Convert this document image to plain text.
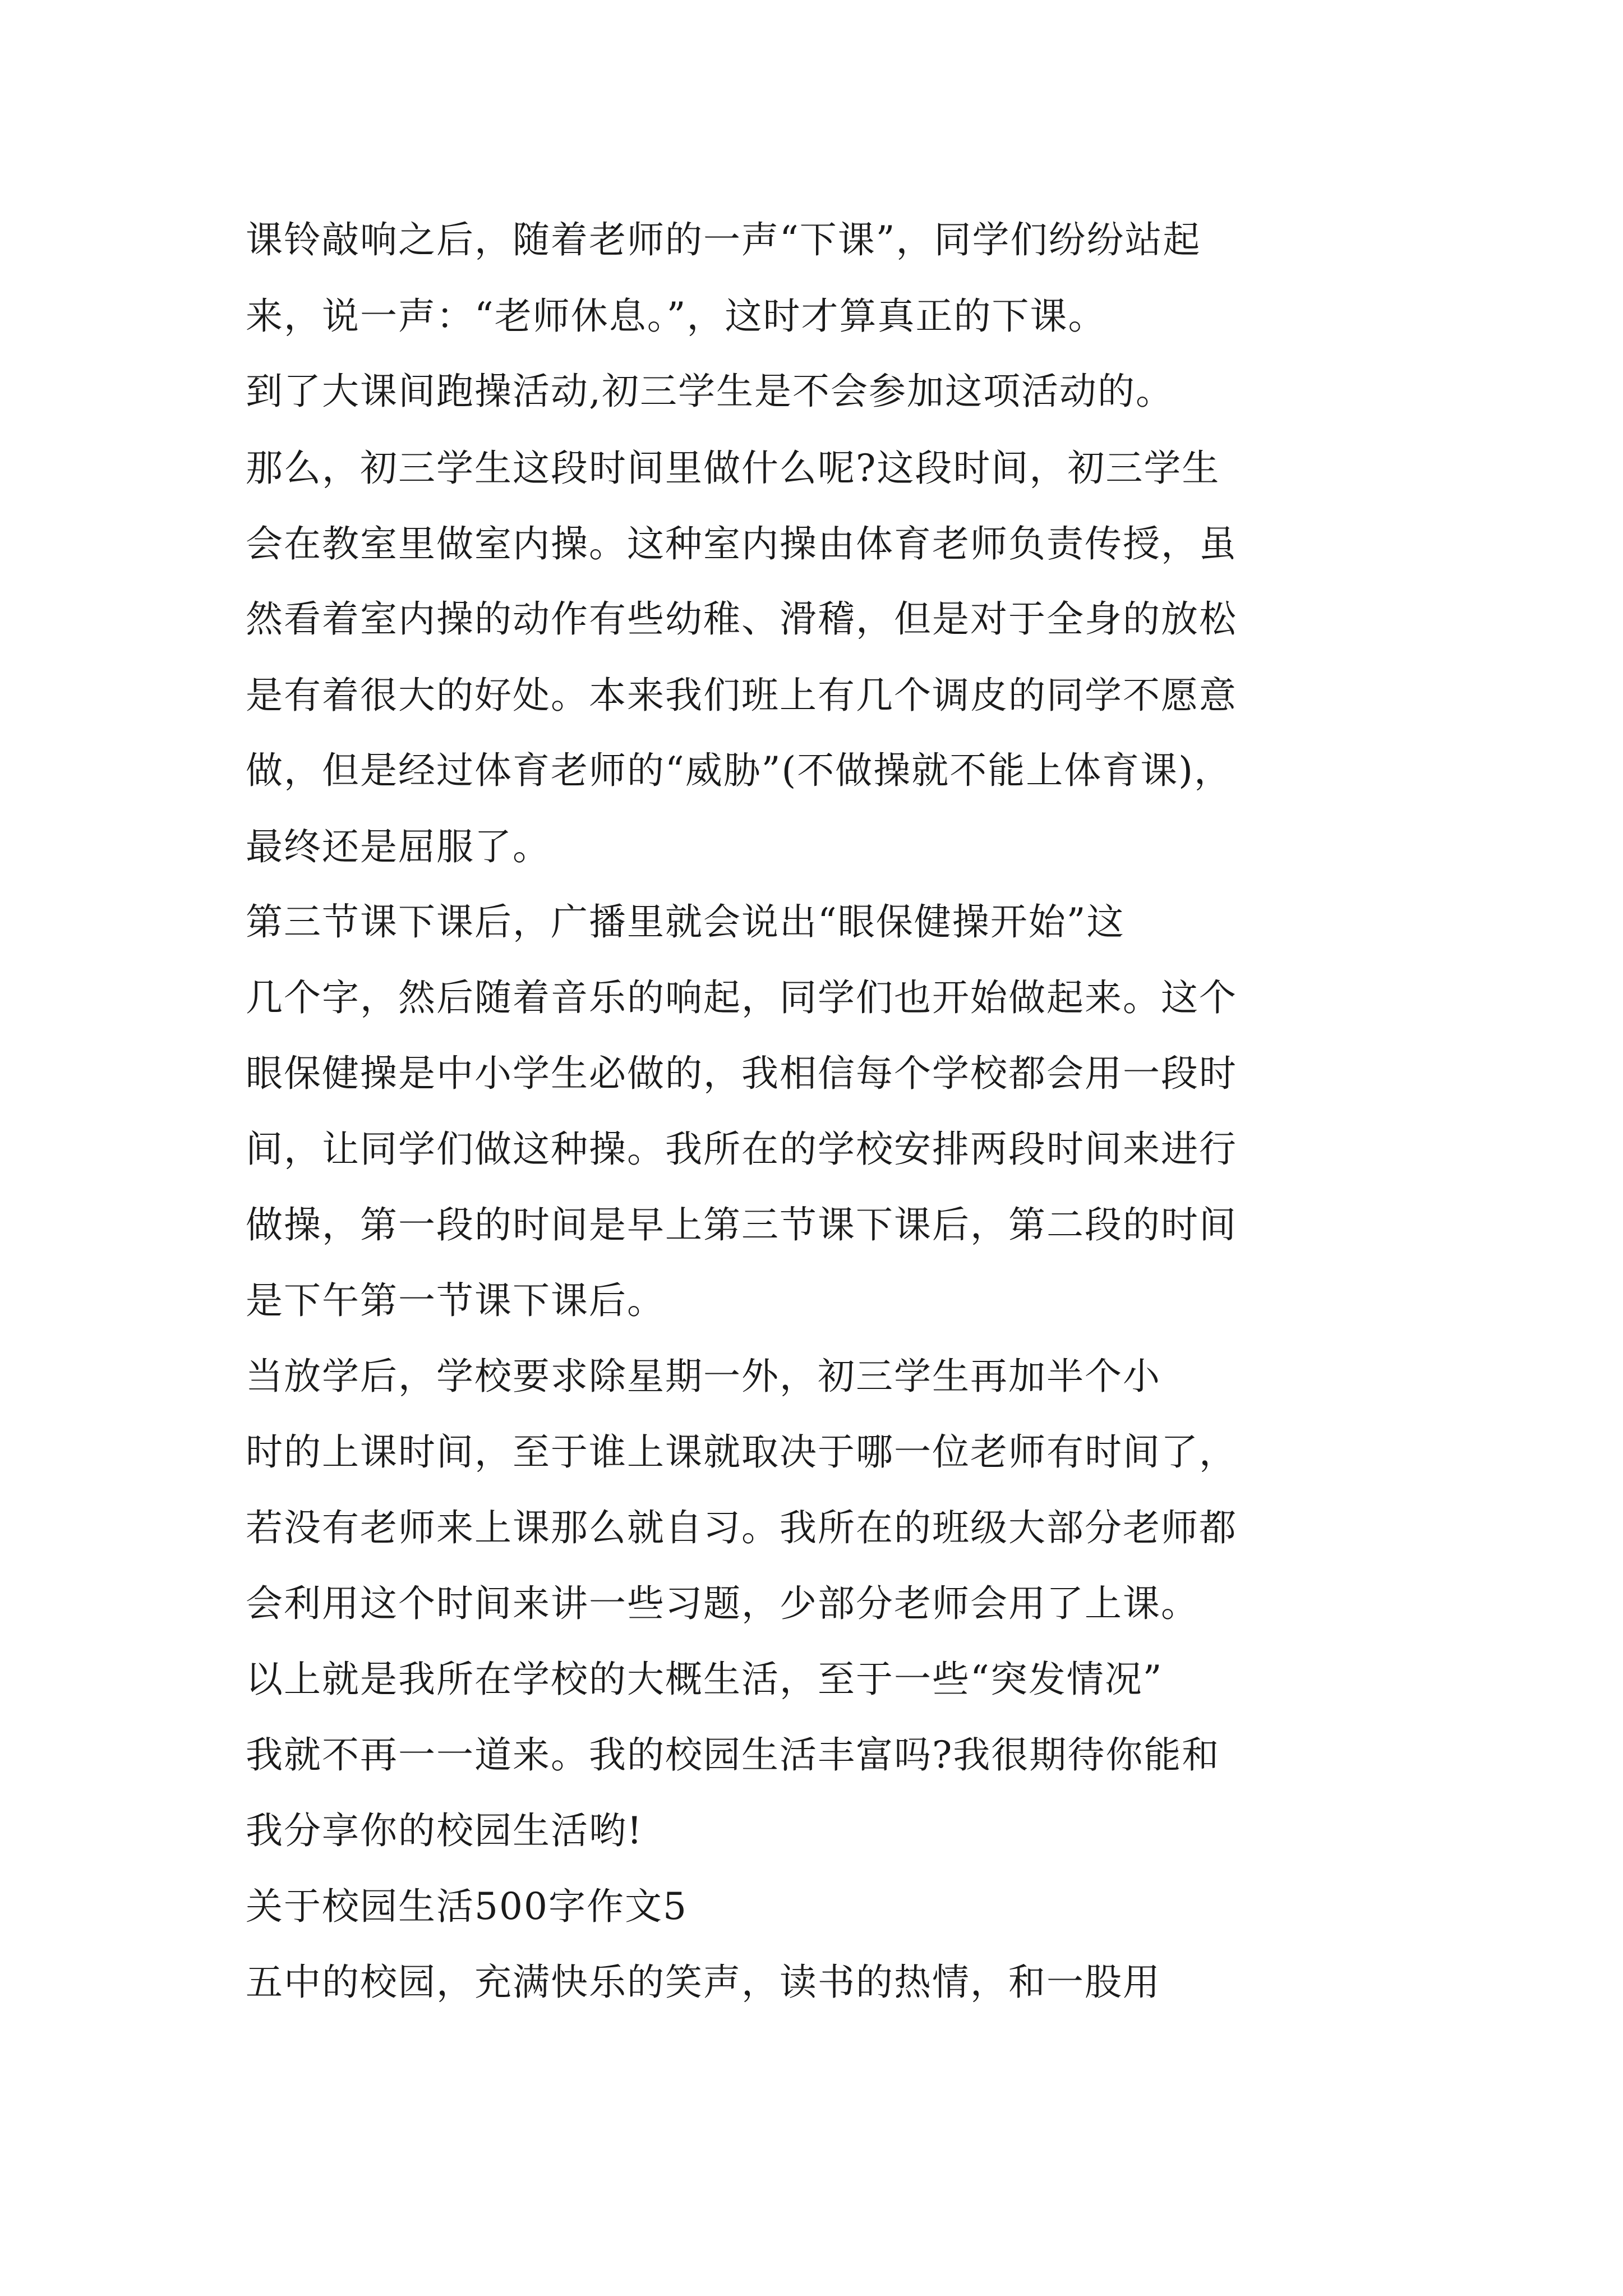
课铃敲响之后，随着老师的一声“下课”，同学们纷纷站起
来，说一声：“老师休息。”，这时才算真正的下课。
到了大课间跑操活动,初三学生是不会参加这项活动的。
那么，初三学生这段时间里做什么呢?这段时间，初三学生
会在教室里做室内操。这种室内操由体育老师负责传授，虽
然看着室内操的动作有些幼稚、滑稽，但是对于全身的放松
是有着很大的好处。本来我们班上有几个调皮的同学不愿意
做，但是经过体育老师的“威胁”(不做操就不能上体育课)，
最终还是屈服了。
第三节课下课后，广播里就会说出“眼保健操开始”这
几个字，然后随着音乐的响起，同学们也开始做起来。这个
眼保健操是中小学生必做的，我相信每个学校都会用一段时
间，让同学们做这种操。我所在的学校安排两段时间来进行
做操，第一段的时间是早上第三节课下课后，第二段的时间
是下午第一节课下课后。
当放学后，学校要求除星期一外，初三学生再加半个小
时的上课时间，至于谁上课就取决于哪一位老师有时间了，
若没有老师来上课那么就自习。我所在的班级大部分老师都
会利用这个时间来讲一些习题，少部分老师会用了上课。
以上就是我所在学校的大概生活，至于一些“突发情况”
我就不再一一道来。我的校园生活丰富吗?我很期待你能和
我分享你的校园生活哟!
关于校园生活500字作文5
五中的校园，充满快乐的笑声，读书的热情，和一股用
